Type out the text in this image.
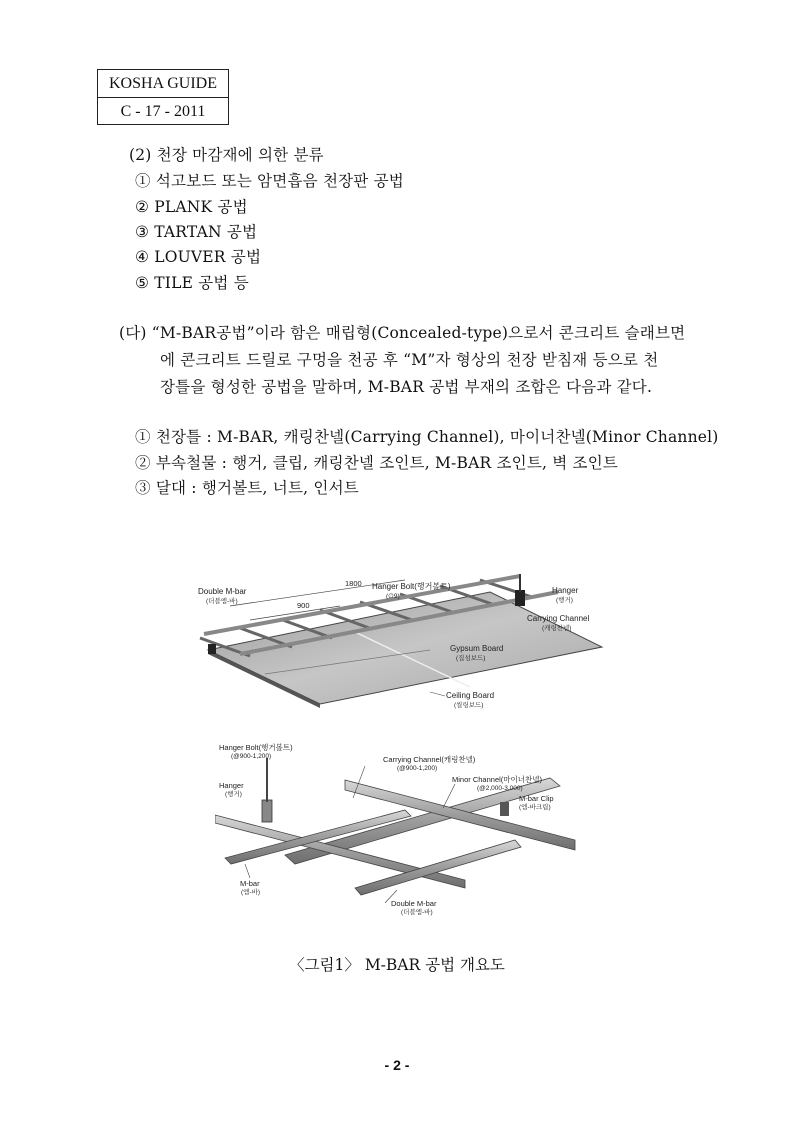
KOSHA GUIDE
C - 17 - 2011
(2) 천장 마감재에 의한 분류
① 석고보드 또는 암면흡음 천장판 공법
② PLANK 공법
③ TARTAN 공법
④ LOUVER 공법
⑤ TILE 공법 등
(다) “M-BAR공법”이라 함은 매립형(Concealed-type)으로서 콘크리트 슬래브면
에 콘크리트 드릴로 구멍을 천공 후 “M”자 형상의 천장 받침재 등으로 천
장틀을 형성한 공법을 말하며, M-BAR 공법 부재의 조합은 다음과 같다.
① 천장틀 : M-BAR, 캐링찬넬(Carrying Channel), 마이너찬넬(Minor Channel)
② 부속철물 : 행거, 클립, 캐링찬넬 조인트, M-BAR 조인트, 벽 조인트
③ 달대 : 행거볼트, 너트, 인서트
Double M-bar
(더블엠-바)
1800
900
Hanger Bolt(행거볼트)
(∅9)
Hanger
(행거)
Carrying Channel
(캐링찬넬)
Gypsum Board
(집섬보드)
Ceiling Board
(씰링보드)
Hanger Bolt(행거볼트)
(@900-1,200)
Hanger
(행거)
Carrying Channel(캐링찬넬)
(@900-1,200)
Minor Channel(마이너찬넬)
(@2,000-3,000)
M-bar Clip
(엠-바크립)
M-bar
(엠-바)
Double M-bar
(더블엠-바)
〈그림1〉 M-BAR 공법 개요도
- 2 -
